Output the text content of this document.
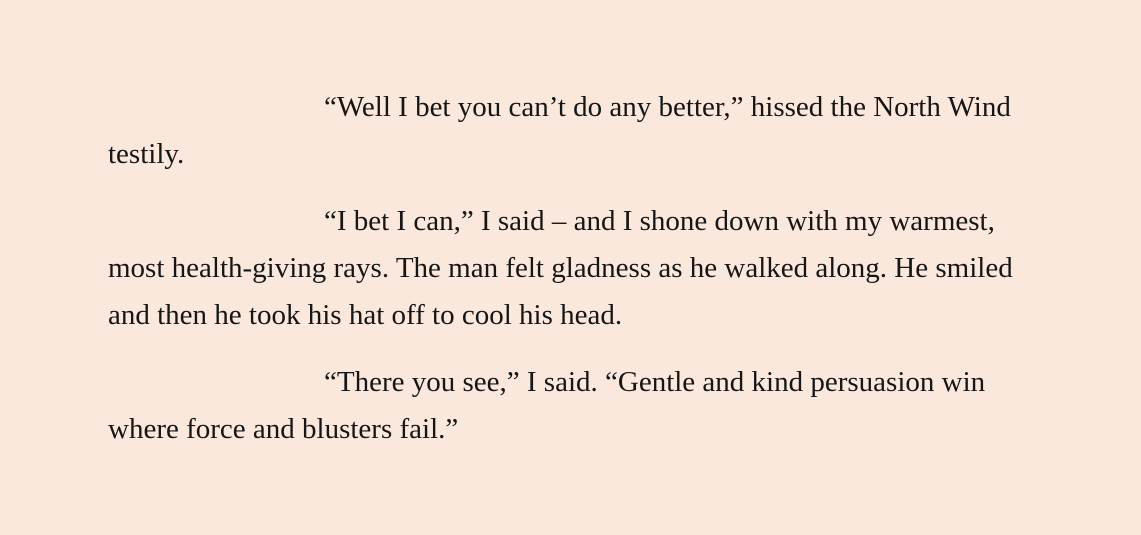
“Well I bet you can’t do any better,” hissed the North Wind testily.

“I bet I can,” I said – and I shone down with my warmest, most health-giving rays. The man felt gladness as he walked along. He smiled and then he took his hat off to cool his head.

“There you see,” I said. “Gentle and kind persuasion win where force and blusters fail.”
